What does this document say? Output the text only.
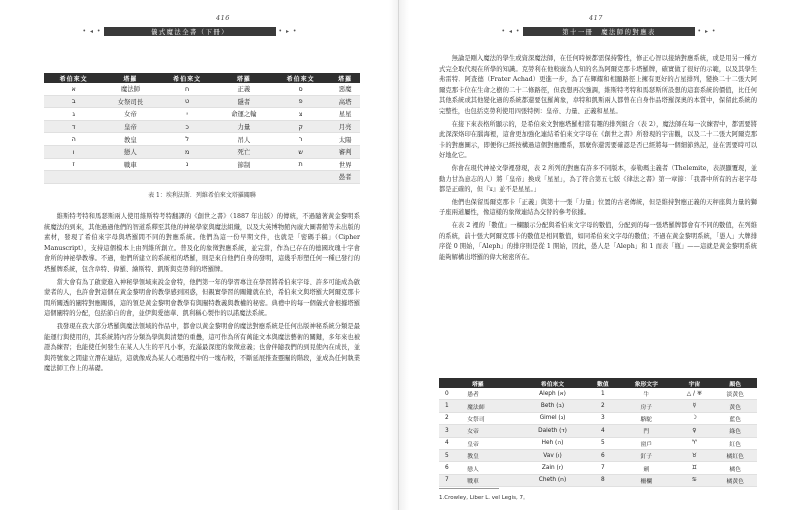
416
• ◂ •	儀式魔法全書（下冊）	• ▸ •
希伯來文	塔羅	希伯來文	塔羅	希伯來文	塔羅
א	魔法師	ח	正義	ס	惡魔
ב	女祭司長	ט	隱者	פ	高塔
ג	女帝	י	命運之輪	צ	星星
ד	皇帝	כ	力量	ק	月亮
ה	教皇	ל	吊人	ר	太陽
ו	戀人	מ	死亡	ש	審判
ז	戰車	נ	節制	ת	世界
					愚者
表 1：埃利法斯．列維希伯來文塔羅關聯

維斯特考特和馬瑟斯兩人使用維斯特考特翻譯的《創世之書》（1887 年出版）的傳統，不過隨著黃金黎明系統魔法的到來，其他過過他們的智道系釋至其他的神秘學家與魔法組織，以及大英博物館內廣大圖書館等未出版的素材，發現了希伯來字母與塔羅間不同的對應系統。他們為這一份早期文件，也就是「密碼手稿」（Cipher Manuscript），支持這個模本上由列維所創立。普及化的象徵對應系統，並完當，作為已存在的德國玫瑰十字會會所的神祕學教導。不過，他們所建立的系統相的塔羅，則是來自他們自身的發明，這幾乎形塑任何一種已發行的塔羅牌系統，包含韋特、偉羅、繪斯特、凱斯與克勞利的塔羅牌。

當大會有為了啟蒙進入神秘學領域來說金會特，他們第一年的學習專注在學習將希伯來字母、許多可能成為啟蒙者的人，也許會對這個在黃金黎明會的教學感到困惑，但親實學習的關鍵就在於，希伯來文與塔羅大阿爾克那卡間所關透的闡特對應關係，這的領是黃金黎明會教學有與闡特教義與教權的秘密。典禮中的每一個儀式會根據塔羅這個闡特的分配，包括節自的會，並伊與愛德華、凱利稱心製作的以諾魔法系統。

我發現在我大部分塔羅與魔法領域的作品中，都會以黃金黎明會的魔法對應系統是任何出版神秘系統分類是最能運行與使用的，其系統將內容分類為學與與清楚的重疊，這可作為所有萬能文本與魔法藝術的關鍵，多年來也被證為練習；也能使任何發生在某人人生的平凡小事，充滿最深度的象徵意義；也會伴隨我們的到見使內在成長，並與符號象之間建立潛在連結，這就像成為某人心理過程中的一塊布較，不斷延展推查靈闡的階段，並成為任何執業魔法師工作上的基礎。

417
• ◂ •	第十一冊　魔法師的對應表	• ▸ •

無論是剛入魔法的學生或資深魔法師，在任何時候都需保持警性，修正心智以接納對應系統，或是用另一種方式完全取代現在所學的知識。克勞利在他較廣為人知的名為阿爾克那卡塔羅牌，確實做了很好的示範，以及其學生弗雷特．阿查德（Frater Achad）更進一步，為了在輝耀和相顯路徑上擁有更好的占星排列，變換二十二張大阿爾克那卡位在生命之樹的二十二條路徑，但我想再次強調，維斯特考特和馬瑟斯所設想的這套系統的價值，比任何其他系統或其他變化過的系統都還要包羅萬象，韋特和凱斯兩人都曾在自身作品塔羅深奧的本質中，保留此系統的完整性，也包括克勞利使用四張特例：皇帝、力量、正義和星星。

在接下來表格所顯示的，是希伯來文對應塔羅相當有趣的排列組合（表 2），魔法師在每一次練習中，都需要將此深深烙印在腦海裡，這會更加強化連結希伯來文字母在《創世之書》所發現的宇宙觀，以及二十二張大阿爾克那卡的對應圖示，即便你已經按構過這個對應體系，那麼你還需要確認是否已經將每一個細節熟記，並在需要時可以好地化它。

你會在現代神祕文學裡發現，表 2 所列的對應有許多不同版本，泰勒瑪主義者（Thelemite，表誤顯覆現，並動力甘為意志的人）將「皇帝」換成「星星」，為了符合第五七版《律法之書》第一章節：「我書中所有的古老字母都是正確的，但『צ』並不是星星。」

他們也保留馬爾克那卡「正義」與第十一張「力量」位置的古老傳統，但是維持對應正義的天秤座與力量的獅子座兩道屬性，像這樣的象徵連結為交替的參考依據。

在表 2 裡的「數值」一欄顯示分配與希伯來文字母的數值，分配到的每一張塔羅牌都會有不同的數值，在列維的系統，前十張大阿爾克那卡的數值是相同數值，如同希伯來文字母的數值；不過在黃金黎明系統，「愚人」大牌排序從 0 開始，「Aleph」的排序則是從 1 開始，因此，愚人是「Aleph」和 1 而表「瓶」——這就是黃金黎明系統能夠解構出塔羅的偉大秘密所在。

塔羅		希伯來文	數值	象形文字	宇宙	顏色
0	愚者	Aleph (א)	1	牛	△ / ♅	淡黃色
1	魔法師	Beth (ב)	2	房子	☿	黃色
2	女祭司	Gimel (ג)	3	駱駝	☽	藍色
3	女帝	Daleth (ד)	4	門	♀	綠色
4	皇帝	Heh (ה)	5	窗戶	♈	紅色
5	教皇	Vav (ו)	6	釘子	♉	橘紅色
6	戀人	Zain (ז)	7	劍	♊	橘色
7	戰車	Cheth (ח)	8	柵欄	♋	橘黃色
1.Crowley, Liber L. vel Legis, 7。
